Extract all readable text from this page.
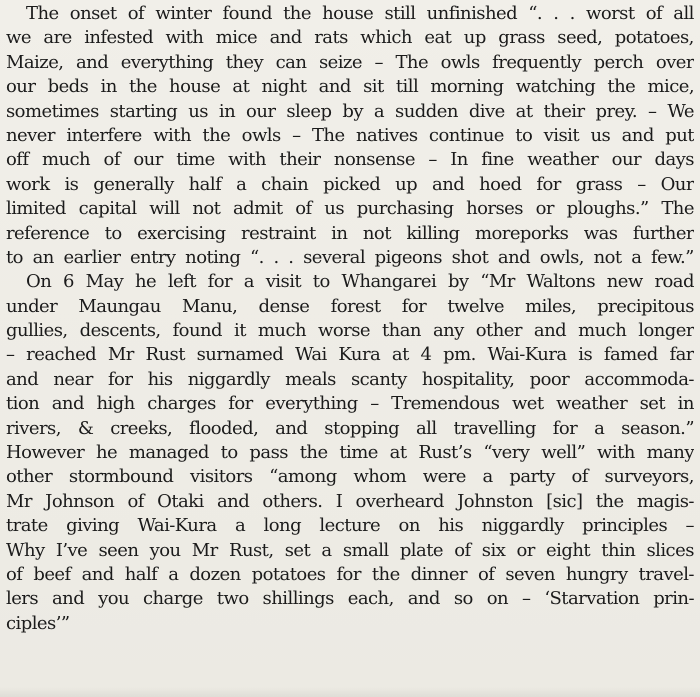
The onset of winter found the house still unfinished “. . . worst of all
we are infested with mice and rats which eat up grass seed, potatoes,
Maize, and everything they can seize – The owls frequently perch over
our beds in the house at night and sit till morning watching the mice,
sometimes starting us in our sleep by a sudden dive at their prey. – We
never interfere with the owls – The natives continue to visit us and put
off much of our time with their nonsense – In fine weather our days
work is generally half a chain picked up and hoed for grass – Our
limited capital will not admit of us purchasing horses or ploughs.” The
reference to exercising restraint in not killing moreporks was further
to an earlier entry noting “. . . several pigeons shot and owls, not a few.”
On 6 May he left for a visit to Whangarei by “Mr Waltons new road
under Maungau Manu, dense forest for twelve miles, precipitous
gullies, descents, found it much worse than any other and much longer
– reached Mr Rust surnamed Wai Kura at 4 pm. Wai-Kura is famed far
and near for his niggardly meals scanty hospitality, poor accommoda-
tion and high charges for everything – Tremendous wet weather set in
rivers, & creeks, flooded, and stopping all travelling for a season.”
However he managed to pass the time at Rust’s “very well” with many
other stormbound visitors “among whom were a party of surveyors,
Mr Johnson of Otaki and others. I overheard Johnston [sic] the magis-
trate giving Wai-Kura a long lecture on his niggardly principles –
Why I’ve seen you Mr Rust, set a small plate of six or eight thin slices
of beef and half a dozen potatoes for the dinner of seven hungry travel-
lers and you charge two shillings each, and so on – ‘Starvation prin-
ciples’”
